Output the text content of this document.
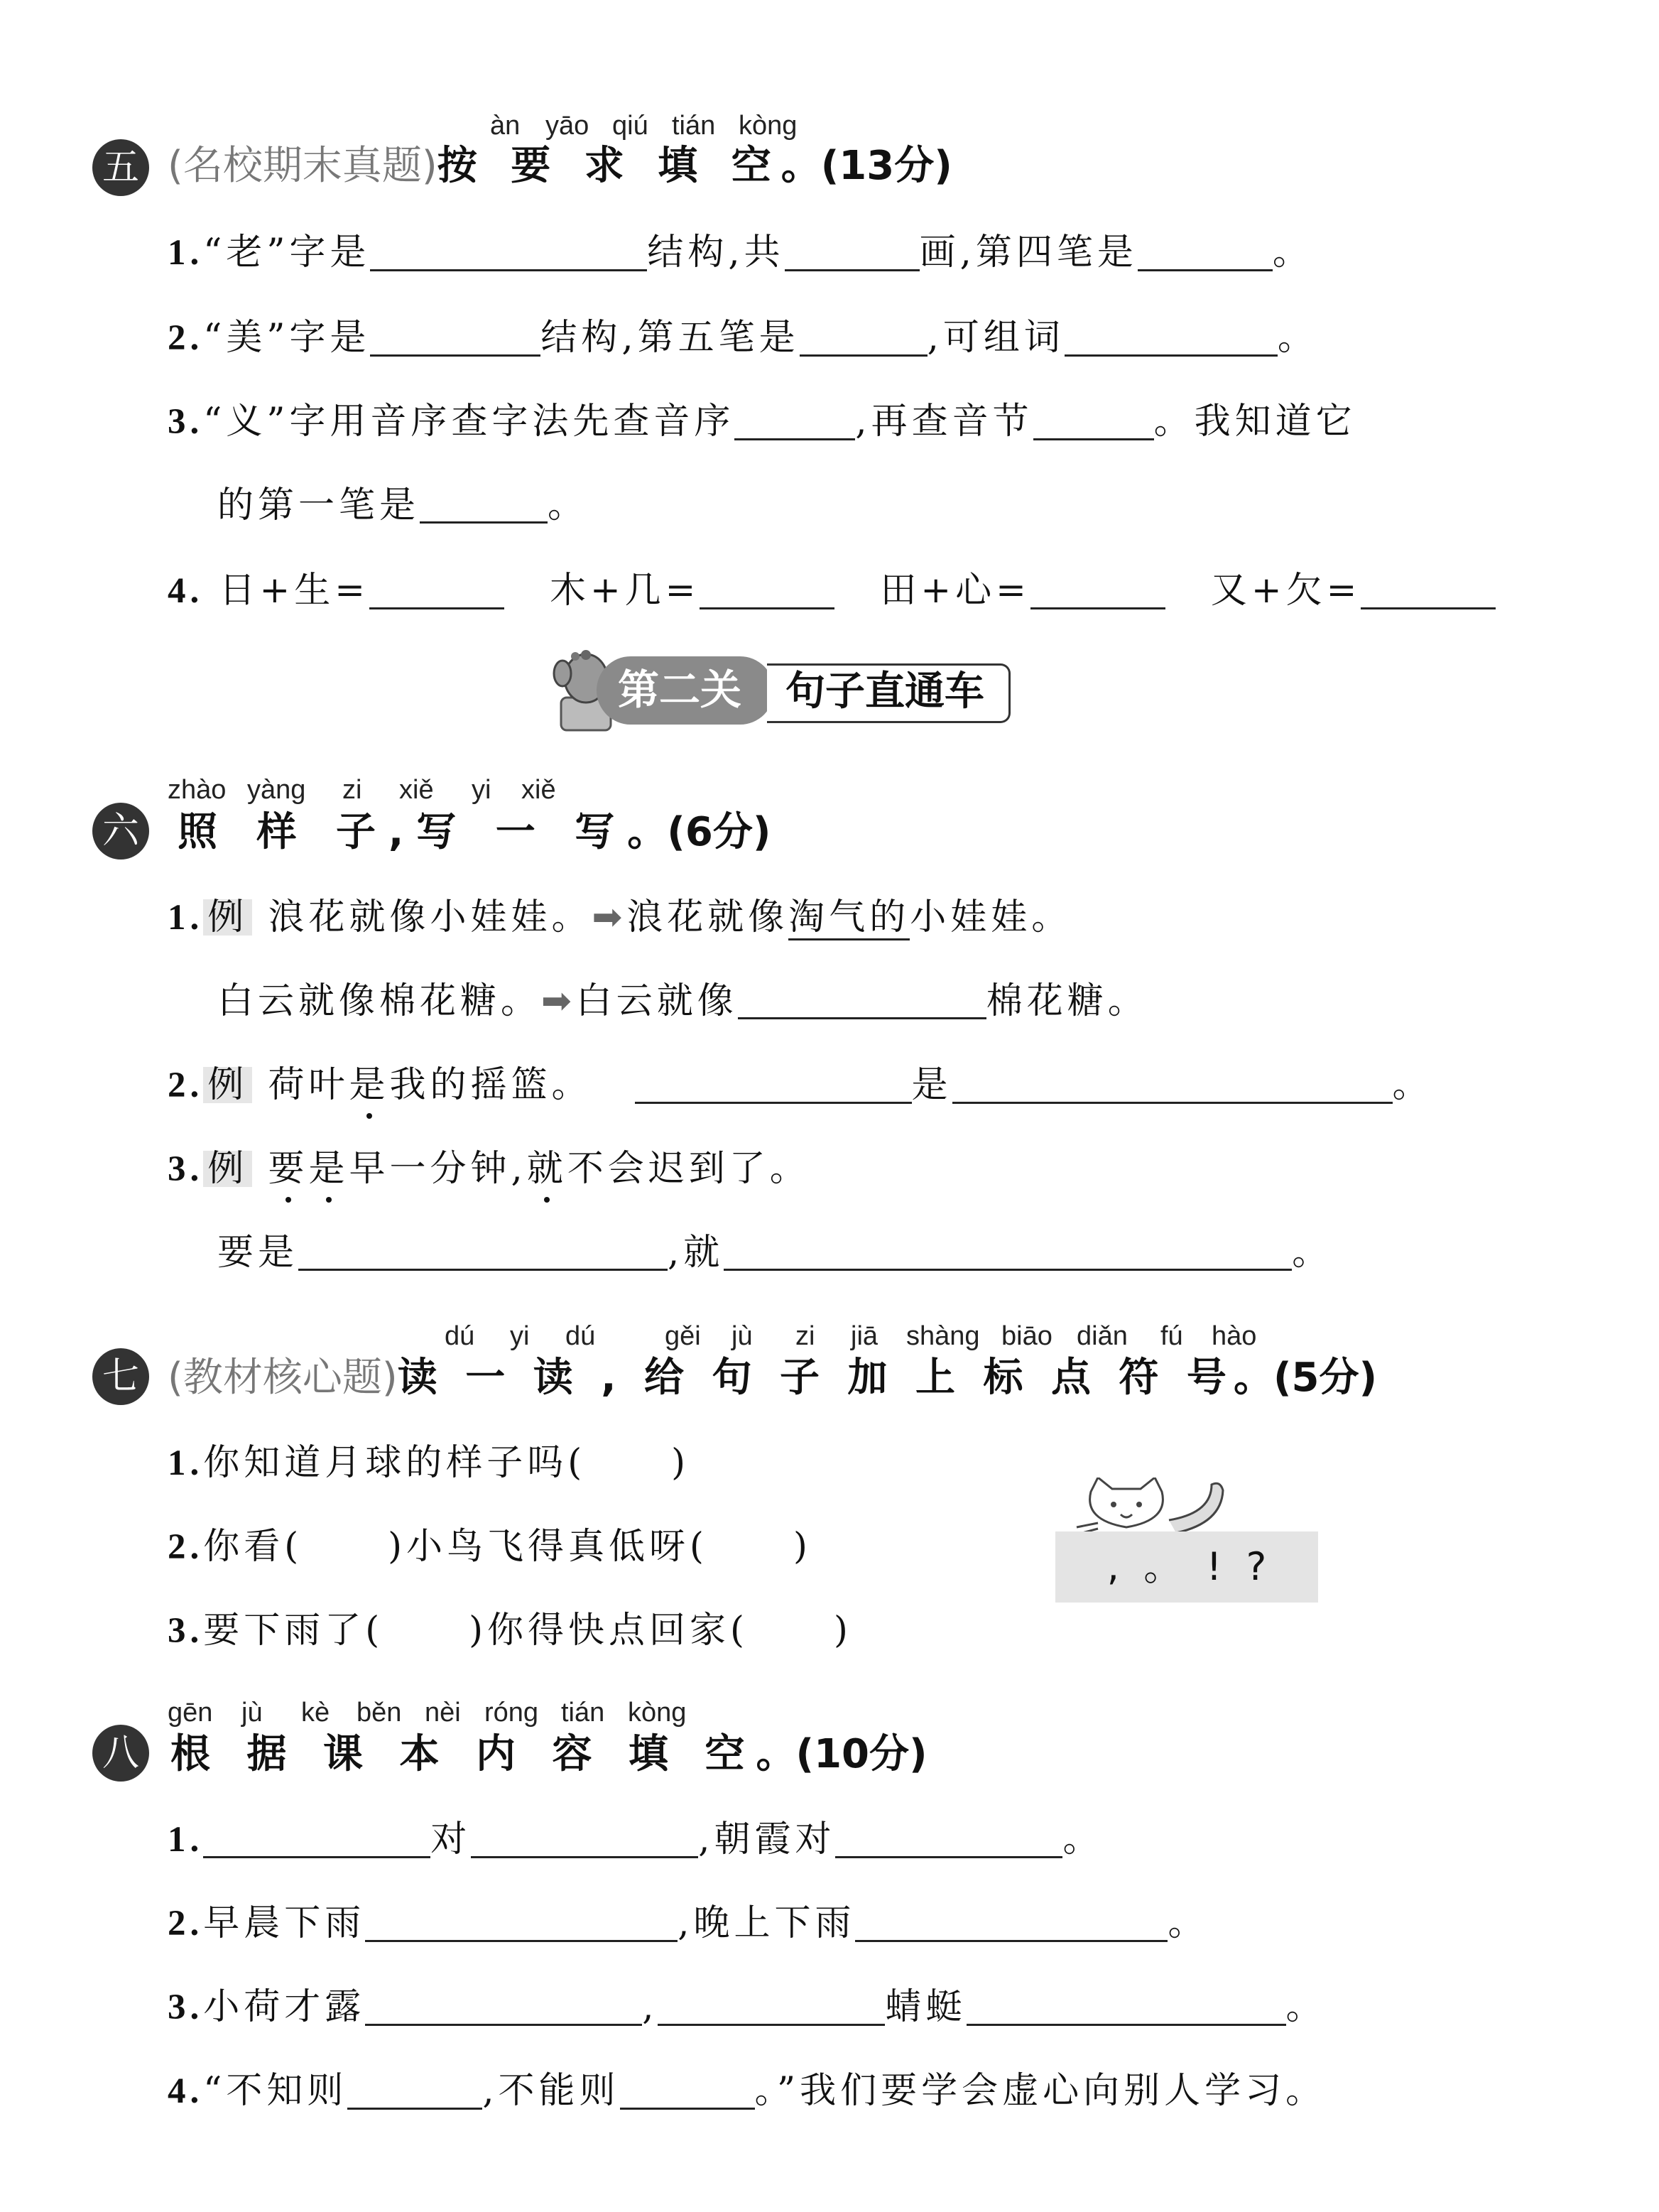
五
àn yāo qiú tián kòng
(名校期末真题)按 要 求 填 空。(13分)
1.“老”字是	结构,共	画,第四笔是	。
2.“美”字是	结构,第五笔是	,可组词	。
3.“义”字用音序查字法先查音序	,再查音节	。我知道它
的第一笔是	。
4. 日+生=	木+几=	田+心=	又+欠=
第二关 句子直通车
六
zhào yàng zi xiě yi xiě
照 样 子,写 一 写。(6分)
1. 例 浪花就像小娃娃。➡浪花就像淘气的小娃娃。
白云就像棉花糖。➡白云就像	棉花糖。
2. 例 荷叶是
我的摇篮。	是	。
3. 例 要
是
早一分钟,就
不会迟到了。
要是	,就	。
七
dú yi dú	gěi jù zi jiā shàng biāo diǎn fú hào
(教材核心题)读 一 读 , 给 句 子 加 上 标 点 符 号。(5分)
1.你知道月球的样子吗( )
2.你看( )小鸟飞得真低呀( )
3.要下雨了( )你得快点回家( )
,  。  !  ?
八
gēn jù kè běn nèi róng tián kòng
根 据 课 本 内 容 填 空。(10分)
1.	对	,朝霞对	。
2.早晨下雨	,晚上下雨	。
3.小荷才露	,	蜻蜓	。
4.“不知则	,不能则	。”我们要学会虚心向别人学习。
